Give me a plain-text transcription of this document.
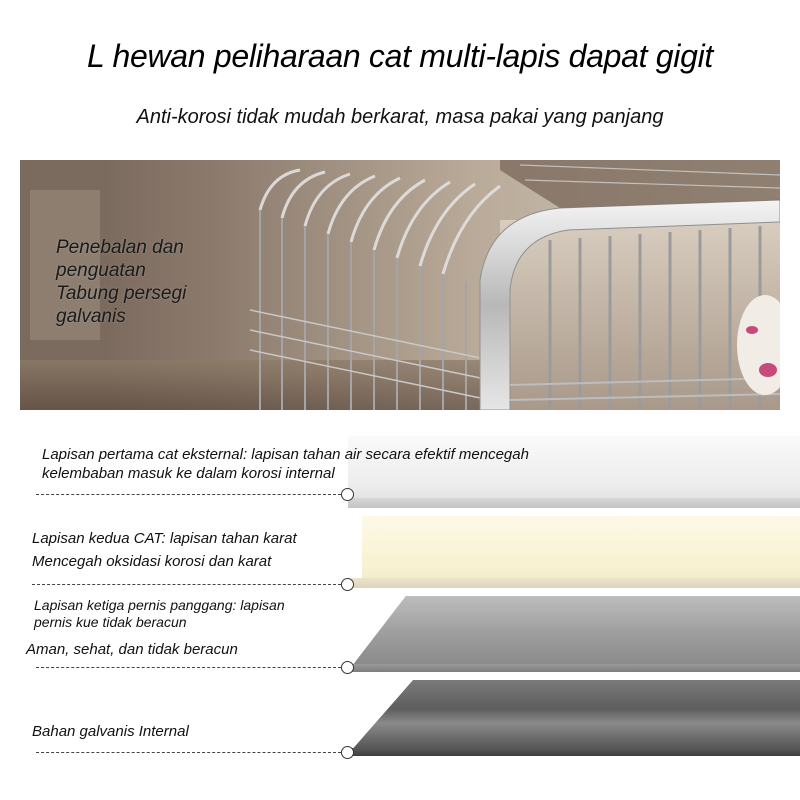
L hewan peliharaan cat multi-lapis dapat gigit
Anti-korosi tidak mudah berkarat, masa pakai yang panjang
Penebalan dan
penguatan
Tabung persegi
galvanis
Lapisan pertama cat eksternal: lapisan tahan air secara efektif mencegah
kelembaban masuk ke dalam korosi internal
Lapisan kedua CAT: lapisan tahan karat
Mencegah oksidasi korosi dan karat
Lapisan ketiga pernis panggang: lapisan
pernis kue tidak beracun
Aman, sehat, dan tidak beracun
Bahan galvanis Internal
